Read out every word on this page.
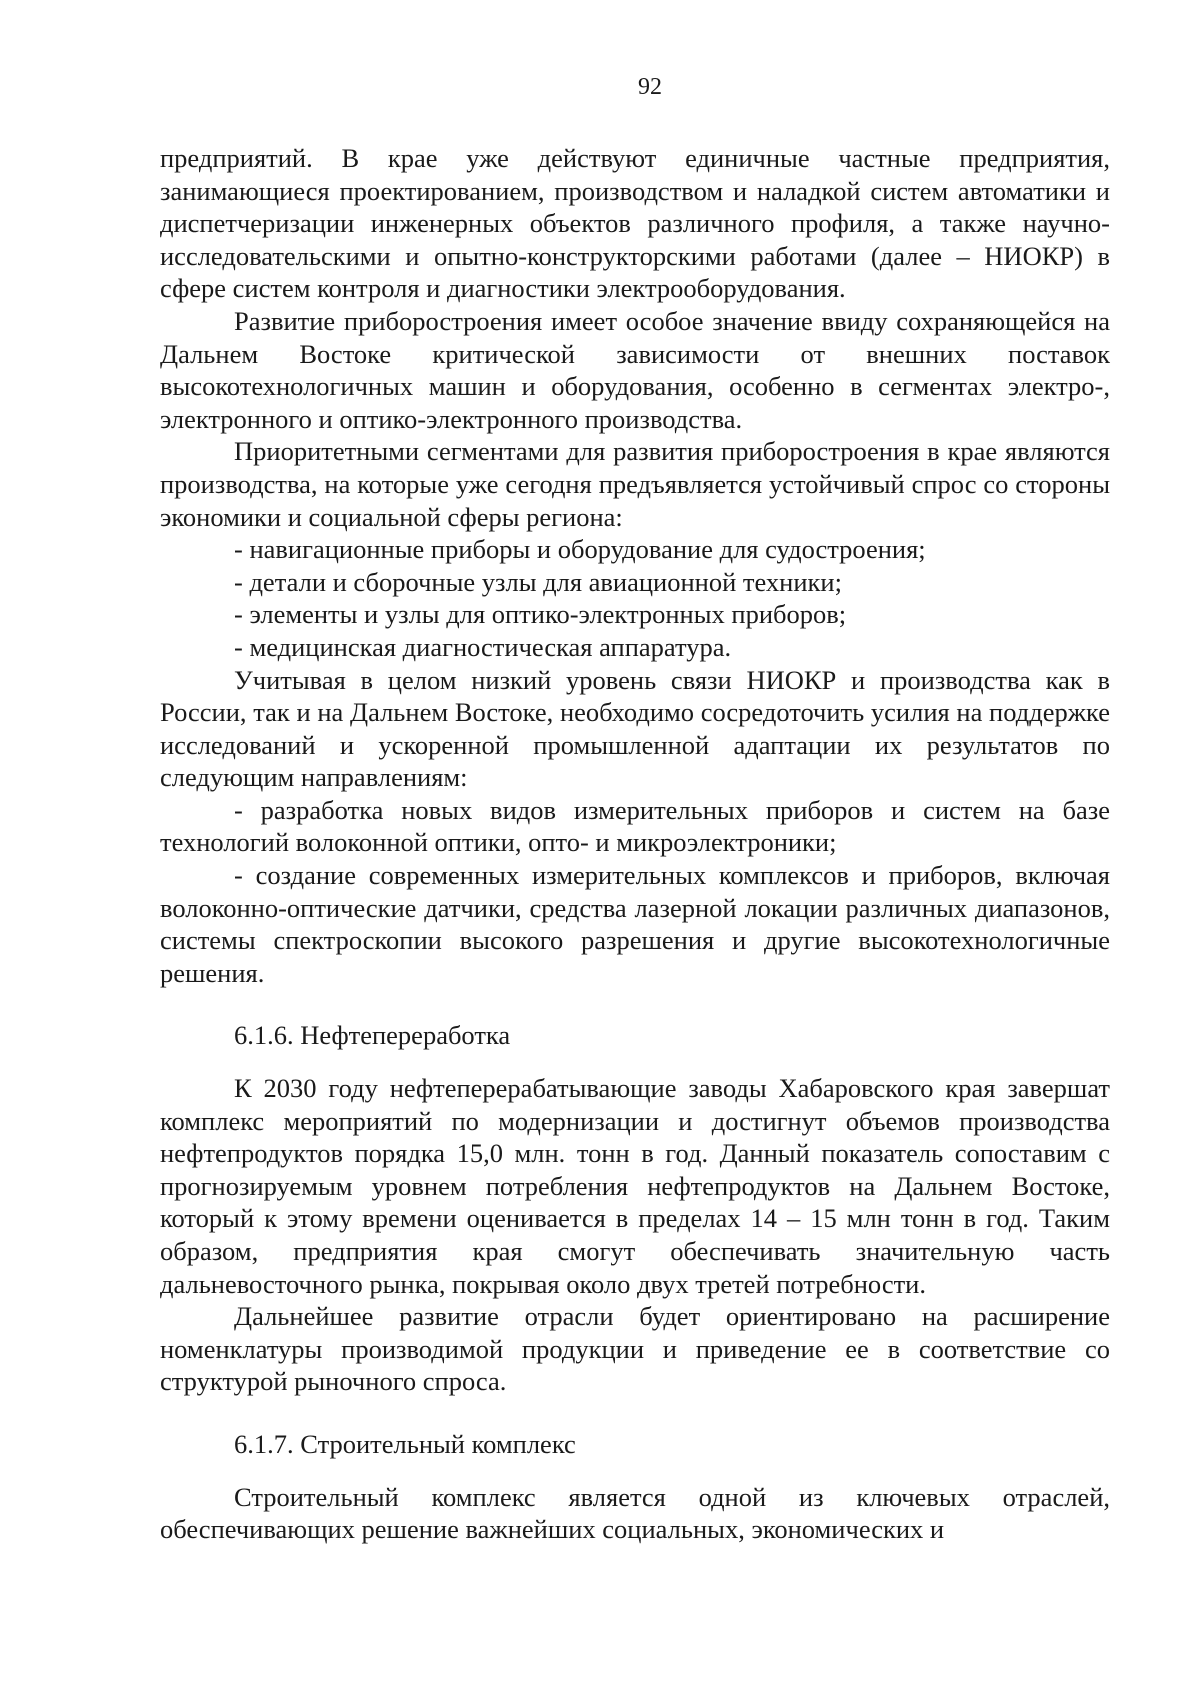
92

предприятий. В крае уже действуют единичные частные предприятия, занимающиеся проектированием, производством и наладкой систем автоматики и диспетчеризации инженерных объектов различного профиля, а также научно-исследовательскими и опытно-конструкторскими работами (далее – НИОКР) в сфере систем контроля и диагностики электрооборудования.

Развитие приборостроения имеет особое значение ввиду сохраняющейся на Дальнем Востоке критической зависимости от внешних поставок высокотехнологичных машин и оборудования, особенно в сегментах электро-, электронного и оптико-электронного производства.

Приоритетными сегментами для развития приборостроения в крае являются производства, на которые уже сегодня предъявляется устойчивый спрос со стороны экономики и социальной сферы региона:

- навигационные приборы и оборудование для судостроения;

- детали и сборочные узлы для авиационной техники;

- элементы и узлы для оптико-электронных приборов;

- медицинская диагностическая аппаратура.

Учитывая в целом низкий уровень связи НИОКР и производства как в России, так и на Дальнем Востоке, необходимо сосредоточить усилия на поддержке исследований и ускоренной промышленной адаптации их результатов по следующим направлениям:

- разработка новых видов измерительных приборов и систем на базе технологий волоконной оптики, опто- и микроэлектроники;

- создание современных измерительных комплексов и приборов, включая волоконно-оптические датчики, средства лазерной локации различных диапазонов, системы спектроскопии высокого разрешения и другие высокотехнологичные решения.

6.1.6. Нефтепереработка

К 2030 году нефтеперерабатывающие заводы Хабаровского края завершат комплекс мероприятий по модернизации и достигнут объемов производства нефтепродуктов порядка 15,0 млн. тонн в год. Данный показатель сопоставим с прогнозируемым уровнем потребления нефтепродуктов на Дальнем Востоке, который к этому времени оценивается в пределах 14 – 15 млн тонн в год. Таким образом, предприятия края смогут обеспечивать значительную часть дальневосточного рынка, покрывая около двух третей потребности.

Дальнейшее развитие отрасли будет ориентировано на расширение номенклатуры производимой продукции и приведение ее в соответствие со структурой рыночного спроса.

6.1.7. Строительный комплекс

Строительный комплекс является одной из ключевых отраслей, обеспечивающих решение важнейших социальных, экономических и
